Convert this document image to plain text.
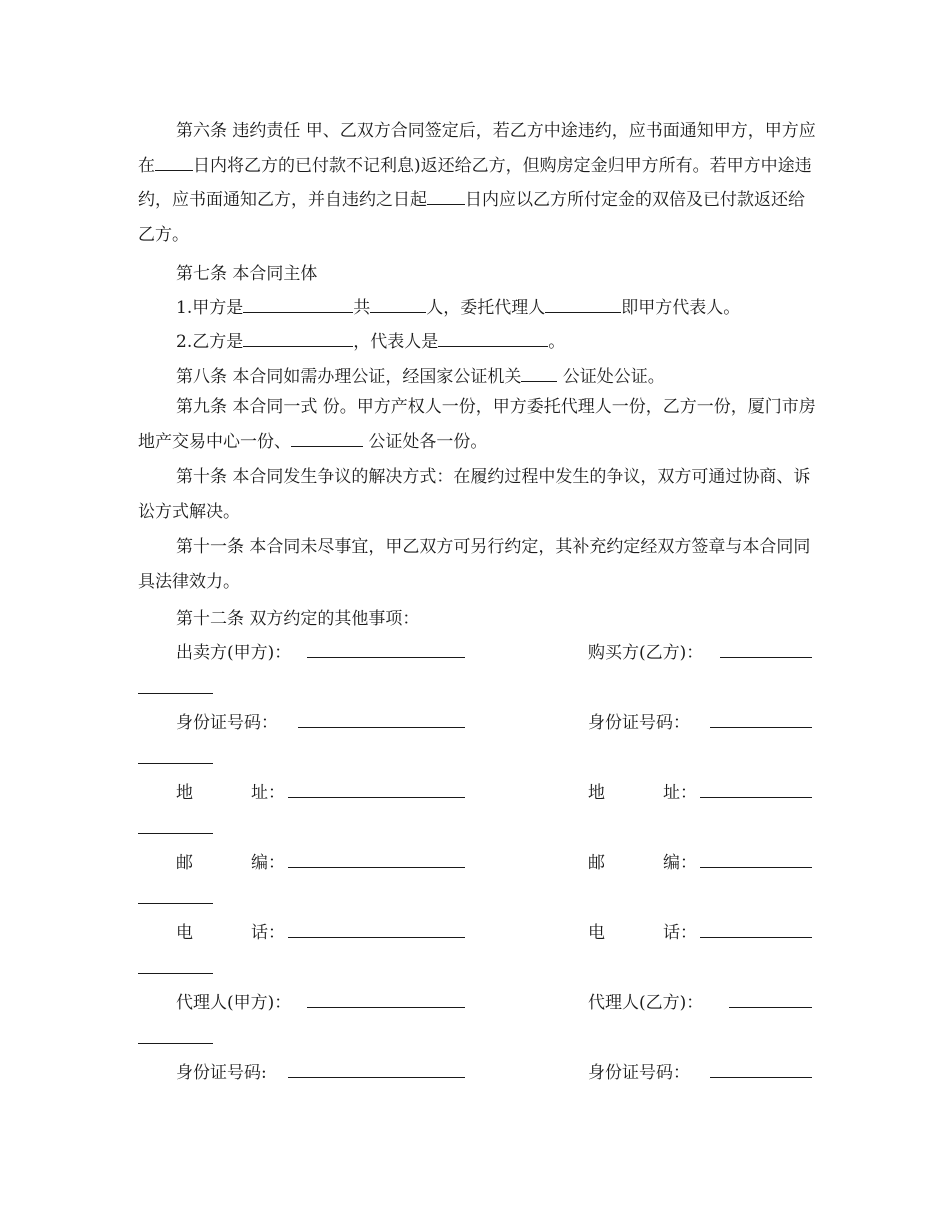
第六条 违约责任 甲、乙双方合同签定后，若乙方中途违约，应书面通知甲方，甲方应在 日内将乙方的已付款不记利息)返还给乙方，但购房定金归甲方所有。若甲方中途违约，应书面通知乙方，并自违约之日起 日内应以乙方所付定金的双倍及已付款返还给乙方。
第七条 本合同主体
1.甲方是	共	人，委托代理人	即甲方代表人。
2.乙方是	，代表人是	。
第八条 本合同如需办理公证，经国家公证机关 公证处公证。
第九条 本合同一式 份。甲方产权人一份，甲方委托代理人一份，乙方一份，厦门市房地产交易中心一份、	公证处各一份。
第十条 本合同发生争议的解决方式：在履约过程中发生的争议，双方可通过协商、诉讼方式解决。
第十一条 本合同未尽事宜，甲乙双方可另行约定，其补充约定经双方签章与本合同同具法律效力。
第十二条 双方约定的其他事项：
出卖方(甲方)：	购买方(乙方)：
身份证号码：	身份证号码：
地	址：	地	址：
邮	编：	邮	编：
电	话：	电	话：
代理人(甲方)：	代理人(乙方)：
身份证号码:	身份证号码：
